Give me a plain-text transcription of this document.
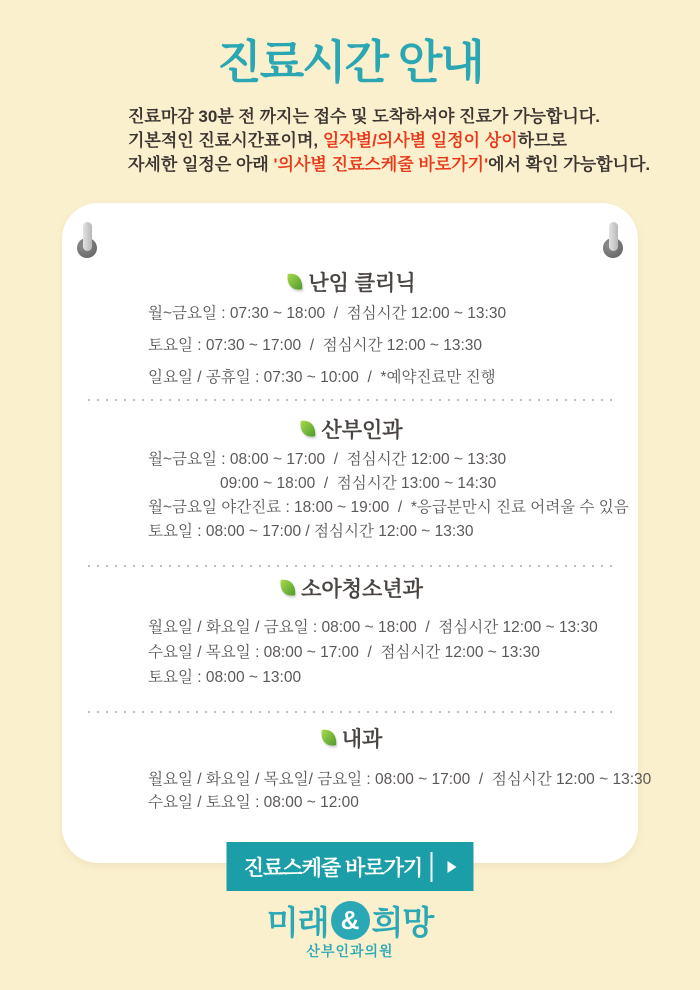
진료시간 안내
진료마감 30분 전 까지는 접수 및 도착하셔야 진료가 가능합니다.
기본적인 진료시간표이며, 일자별/의사별 일정이 상이하므로
자세한 일정은 아래 '의사별 진료스케줄 바로가기'에서 확인 가능합니다.
난임 클리닉
월~금요일 : 07:30 ~ 18:00  /  점심시간 12:00 ~ 13:30
토요일 : 07:30 ~ 17:00  /  점심시간 12:00 ~ 13:30
일요일 / 공휴일 : 07:30 ~ 10:00  /  *예약진료만 진행
산부인과
월~금요일 : 08:00 ~ 17:00  /  점심시간 12:00 ~ 13:30
09:00 ~ 18:00  /  점심시간 13:00 ~ 14:30
월~금요일 야간진료 : 18:00 ~ 19:00  /  *응급분만시 진료 어려울 수 있음
토요일 : 08:00 ~ 17:00 / 점심시간 12:00 ~ 13:30
소아청소년과
월요일 / 화요일 / 금요일 : 08:00 ~ 18:00  /  점심시간 12:00 ~ 13:30
수요일 / 목요일 : 08:00 ~ 17:00  /  점심시간 12:00 ~ 13:30
토요일 : 08:00 ~ 13:00
내과
월요일 / 화요일 / 목요일/ 금요일 : 08:00 ~ 17:00  /  점심시간 12:00 ~ 13:30
수요일 / 토요일 : 08:00 ~ 12:00
진료스케줄 바로가기
미래 & 희망
산부인과의원
